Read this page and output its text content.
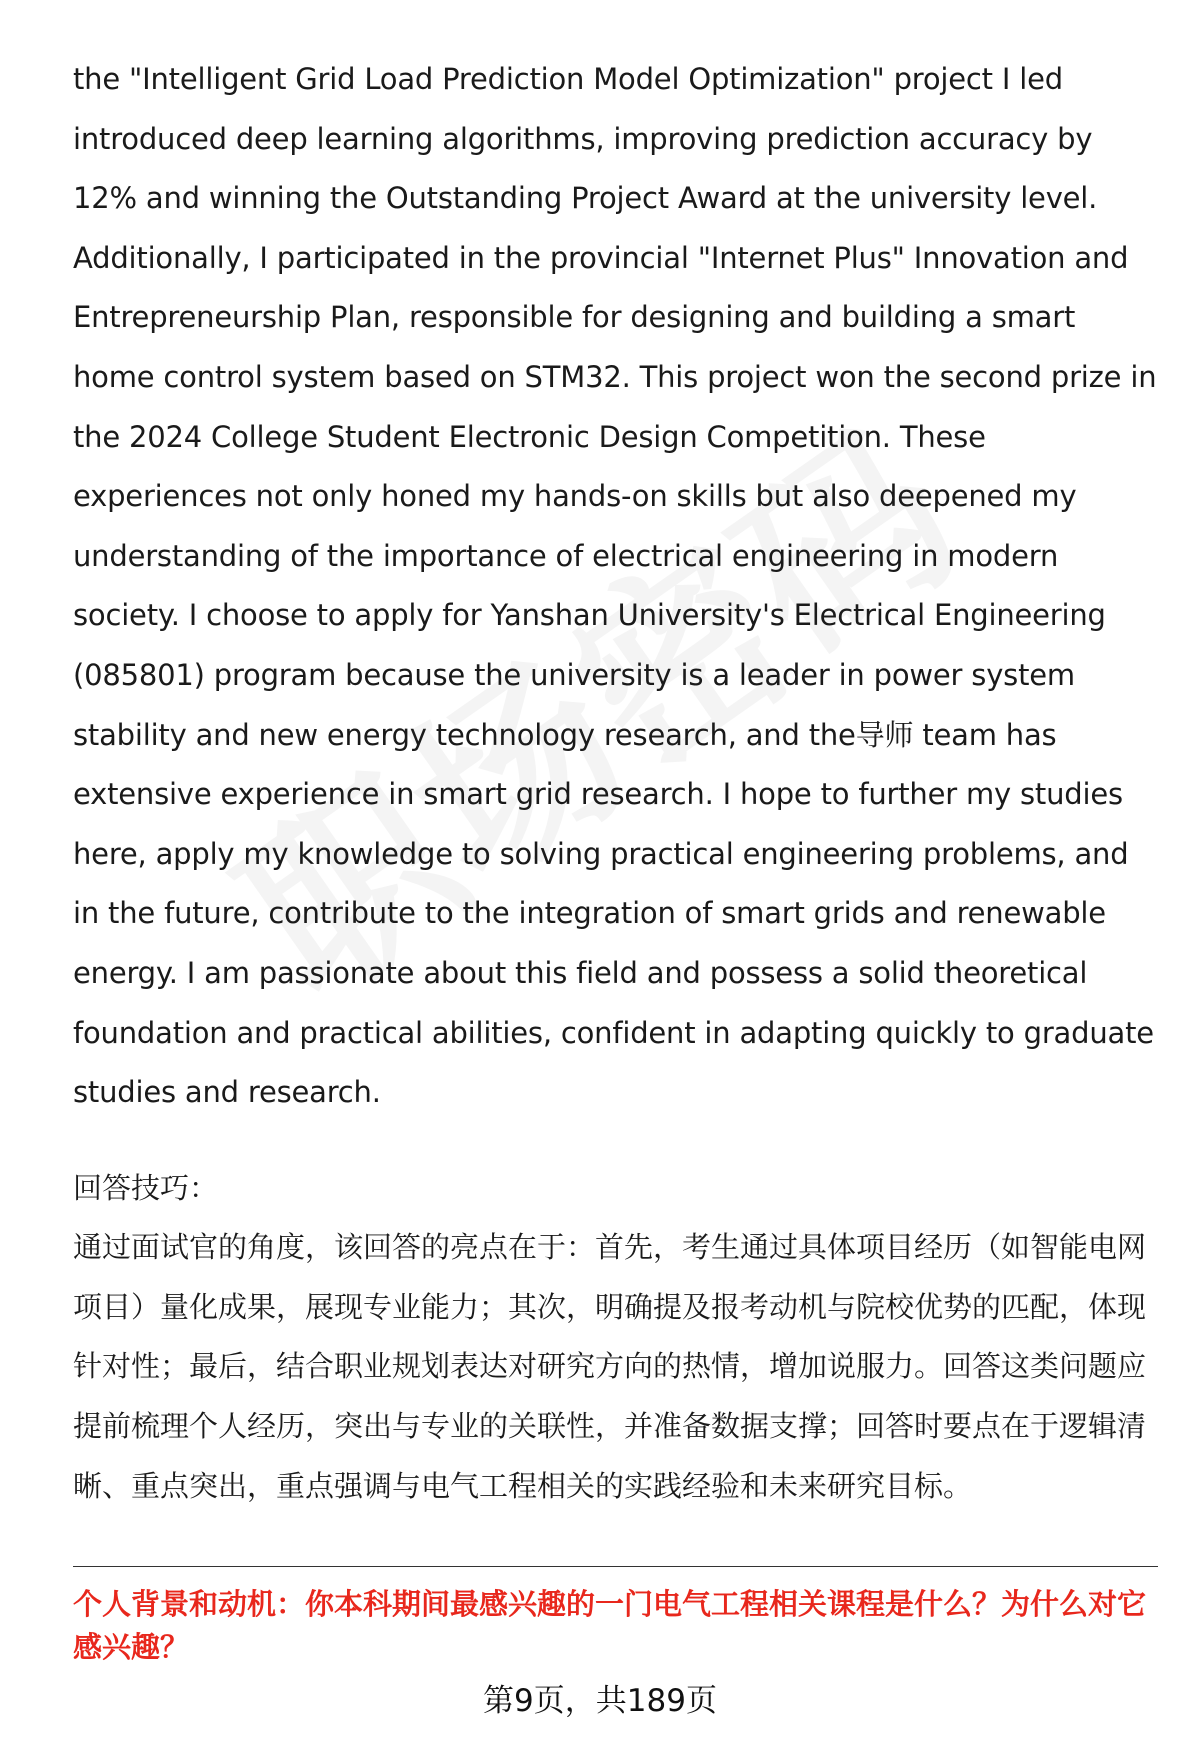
the "Intelligent Grid Load Prediction Model Optimization" project I led introduced deep learning algorithms, improving prediction accuracy by 12% and winning the Outstanding Project Award at the university level. Additionally, I participated in the provincial "Internet Plus" Innovation and Entrepreneurship Plan, responsible for designing and building a smart home control system based on STM32. This project won the second prize in the 2024 College Student Electronic Design Competition. These experiences not only honed my hands-on skills but also deepened my understanding of the importance of electrical engineering in modern society. I choose to apply for Yanshan University's Electrical Engineering (085801) program because the university is a leader in power system stability and new energy technology research, and the导师 team has extensive experience in smart grid research. I hope to further my studies here, apply my knowledge to solving practical engineering problems, and in the future, contribute to the integration of smart grids and renewable energy. I am passionate about this field and possess a solid theoretical foundation and practical abilities, confident in adapting quickly to graduate studies and research.

回答技巧：

通过面试官的角度，该回答的亮点在于：首先，考生通过具体项目经历（如智能电网项目）量化成果，展现专业能力；其次，明确提及报考动机与院校优势的匹配，体现针对性；最后，结合职业规划表达对研究方向的热情，增加说服力。回答这类问题应提前梳理个人经历，突出与专业的关联性，并准备数据支撑；回答时要点在于逻辑清晰、重点突出，重点强调与电气工程相关的实践经验和未来研究目标。

个人背景和动机：你本科期间最感兴趣的一门电气工程相关课程是什么？为什么对它感兴趣？
第9页，共189页
